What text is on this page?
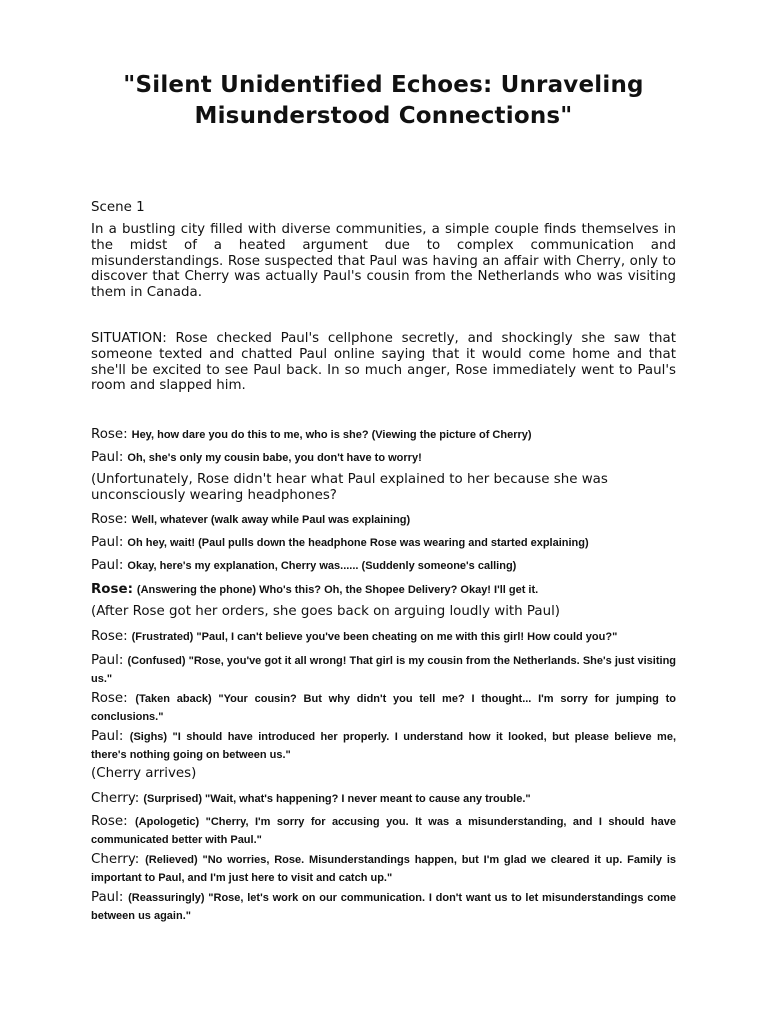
"Silent Unidentified Echoes: Unraveling Misunderstood Connections"
Scene 1

In a bustling city filled with diverse communities, a simple couple finds themselves in the midst of a heated argument due to complex communication and misunderstandings. Rose suspected that Paul was having an affair with Cherry, only to discover that Cherry was actually Paul's cousin from the Netherlands who was visiting them in Canada.

SITUATION: Rose checked Paul's cellphone secretly, and shockingly she saw that someone texted and chatted Paul online saying that it would come home and that she'll be excited to see Paul back. In so much anger, Rose immediately went to Paul's room and slapped him.

Rose: Hey, how dare you do this to me, who is she? (Viewing the picture of Cherry)

Paul: Oh, she's only my cousin babe, you don't have to worry!

(Unfortunately, Rose didn't hear what Paul explained to her because she was unconsciously wearing headphones?

Rose: Well, whatever (walk away while Paul was explaining)

Paul: Oh hey, wait! (Paul pulls down the headphone Rose was wearing and started explaining)

Paul: Okay, here's my explanation, Cherry was...... (Suddenly someone's calling)

Rose: (Answering the phone) Who's this? Oh, the Shopee Delivery? Okay! I'll get it.

(After Rose got her orders, she goes back on arguing loudly with Paul)

Rose: (Frustrated) "Paul, I can't believe you've been cheating on me with this girl! How could you?"

Paul: (Confused) "Rose, you've got it all wrong! That girl is my cousin from the Netherlands. She's just visiting us."

Rose: (Taken aback) "Your cousin? But why didn't you tell me? I thought... I'm sorry for jumping to conclusions."

Paul: (Sighs) "I should have introduced her properly. I understand how it looked, but please believe me, there's nothing going on between us."

(Cherry arrives)

Cherry: (Surprised) "Wait, what's happening? I never meant to cause any trouble."

Rose: (Apologetic) "Cherry, I'm sorry for accusing you. It was a misunderstanding, and I should have communicated better with Paul."

Cherry: (Relieved) "No worries, Rose. Misunderstandings happen, but I'm glad we cleared it up. Family is important to Paul, and I'm just here to visit and catch up."

Paul: (Reassuringly) "Rose, let's work on our communication. I don't want us to let misunderstandings come between us again."
